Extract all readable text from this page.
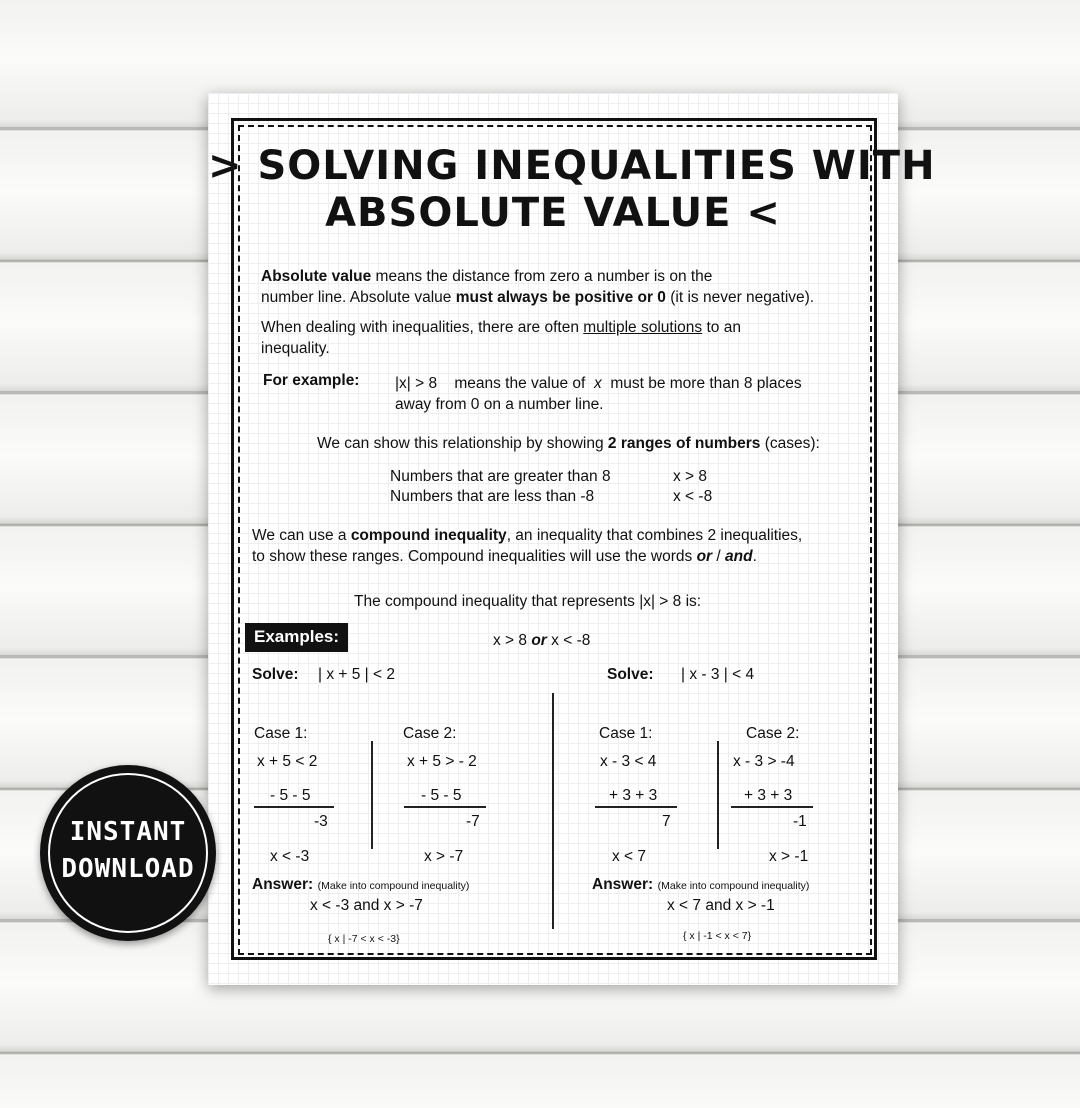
> SOLVING INEQUALITIES WITH
ABSOLUTE VALUE <
Absolute value means the distance from zero a number is on the
number line. Absolute value must always be positive or 0 (it is never negative).
When dealing with inequalities, there are often multiple solutions to an
inequality.
For example: |x| > 8 means the value of x must be more than 8 places
away from 0 on a number line.
We can show this relationship by showing 2 ranges of numbers (cases):
Numbers that are greater than 8	x > 8
Numbers that are less than -8	x < -8
We can use a compound inequality, an inequality that combines 2 inequalities,
to show these ranges. Compound inequalities will use the words or / and.
The compound inequality that represents |x| > 8 is:
x > 8 or x < -8
Examples:
Solve: | x + 5 | < 2
Case 1:	Case 2:
x + 5 < 2
- 5 - 5
-3
x < -3
x + 5 > - 2
- 5 - 5
-7
x > -7
Answer: (Make into compound inequality)
x < -3 and x > -7
{ x | -7 < x < -3}
Solve: | x - 3 | < 4
Case 1:	Case 2:
x - 3 < 4
+ 3 + 3
7
x < 7
x - 3 > -4
+ 3 + 3
-1
x > -1
Answer: (Make into compound inequality)
x < 7 and x > -1
{ x | -1 < x < 7}
INSTANT
DOWNLOAD
